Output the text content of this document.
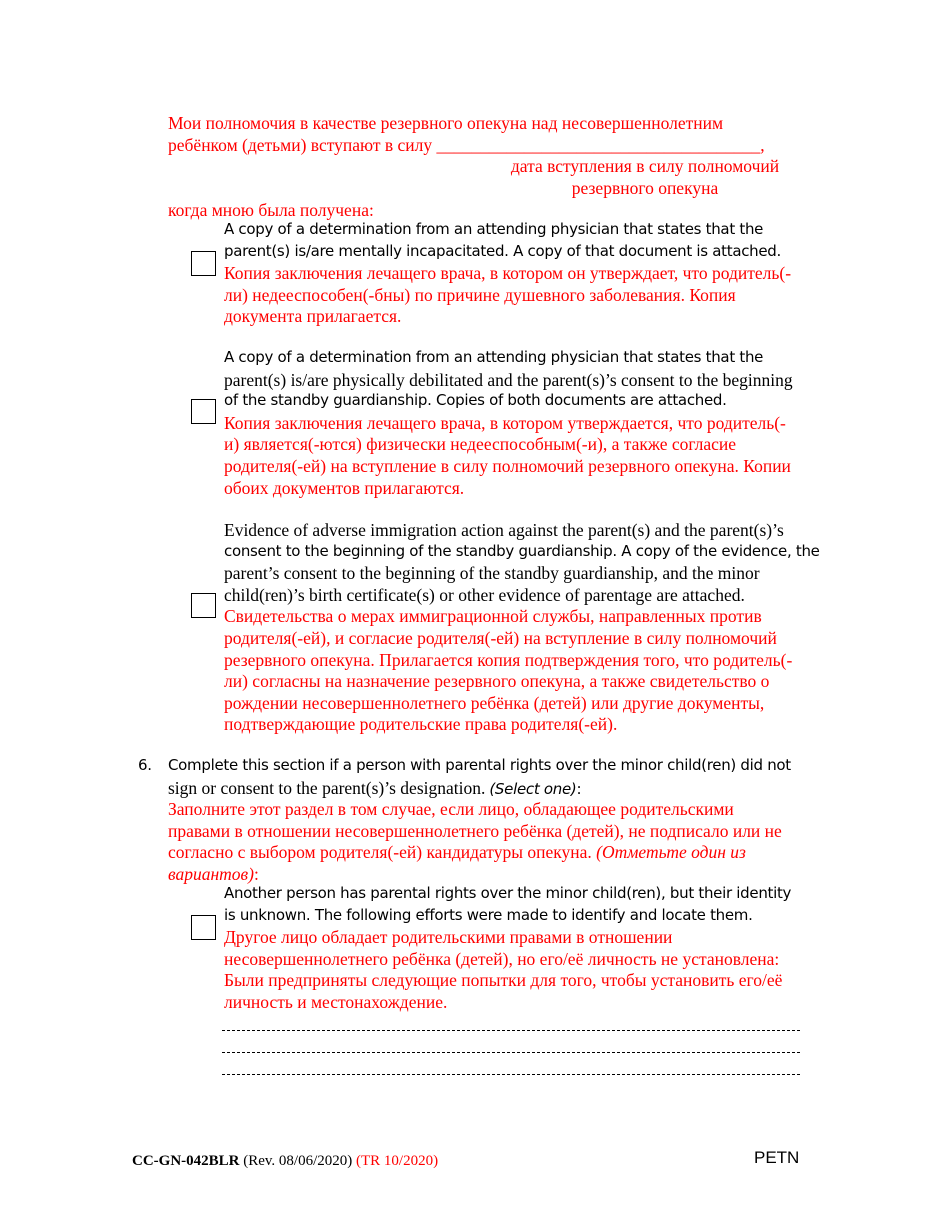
Мои полномочия в качестве резервного опекуна над несовершеннолетним
ребёнком (детьми) вступают в силу _____________________________________,
дата вступления в силу полномочий
резервного опекуна
когда мною была получена:
A copy of a determination from an attending physician that states that the
parent(s) is/are mentally incapacitated. A copy of that document is attached.
Копия заключения лечащего врача, в котором он утверждает, что родитель(-
ли) недееспособен(-бны) по причине душевного заболевания. Копия
документа прилагается.
A copy of a determination from an attending physician that states that the
parent(s) is/are physically debilitated and the parent(s)’s consent to the beginning
of the standby guardianship. Copies of both documents are attached.
Копия заключения лечащего врача, в котором утверждается, что родитель(-
и) является(-ются) физически недееспособным(-и), а также согласие
родителя(-ей) на вступление в силу полномочий резервного опекуна. Копии
обоих документов прилагаются.
Evidence of adverse immigration action against the parent(s) and the parent(s)’s
consent to the beginning of the standby guardianship. A copy of the evidence, the
parent’s consent to the beginning of the standby guardianship, and the minor
child(ren)’s birth certificate(s) or other evidence of parentage are attached.
Свидетельства о мерах иммиграционной службы, направленных против
родителя(-ей), и согласие родителя(-ей) на вступление в силу полномочий
резервного опекуна. Прилагается копия подтверждения того, что родитель(-
ли) согласны на назначение резервного опекуна, а также свидетельство о
рождении несовершеннолетнего ребёнка (детей) или другие документы,
подтверждающие родительские права родителя(-ей).
6. Complete this section if a person with parental rights over the minor child(ren) did not
sign or consent to the parent(s)’s designation. (Select one):
Заполните этот раздел в том случае, если лицо, обладающее родительскими
правами в отношении несовершеннолетнего ребёнка (детей), не подписало или не
согласно с выбором родителя(-ей) кандидатуры опекуна. (Отметьте один из
вариантов):
Another person has parental rights over the minor child(ren), but their identity
is unknown. The following efforts were made to identify and locate them.
Другое лицо обладает родительскими правами в отношении
несовершеннолетнего ребёнка (детей), но его/её личность не установлена:
Были предприняты следующие попытки для того, чтобы установить его/её
личность и местонахождение.
CC-GN-042BLR (Rev. 08/06/2020) (TR 10/2020)	PETN
